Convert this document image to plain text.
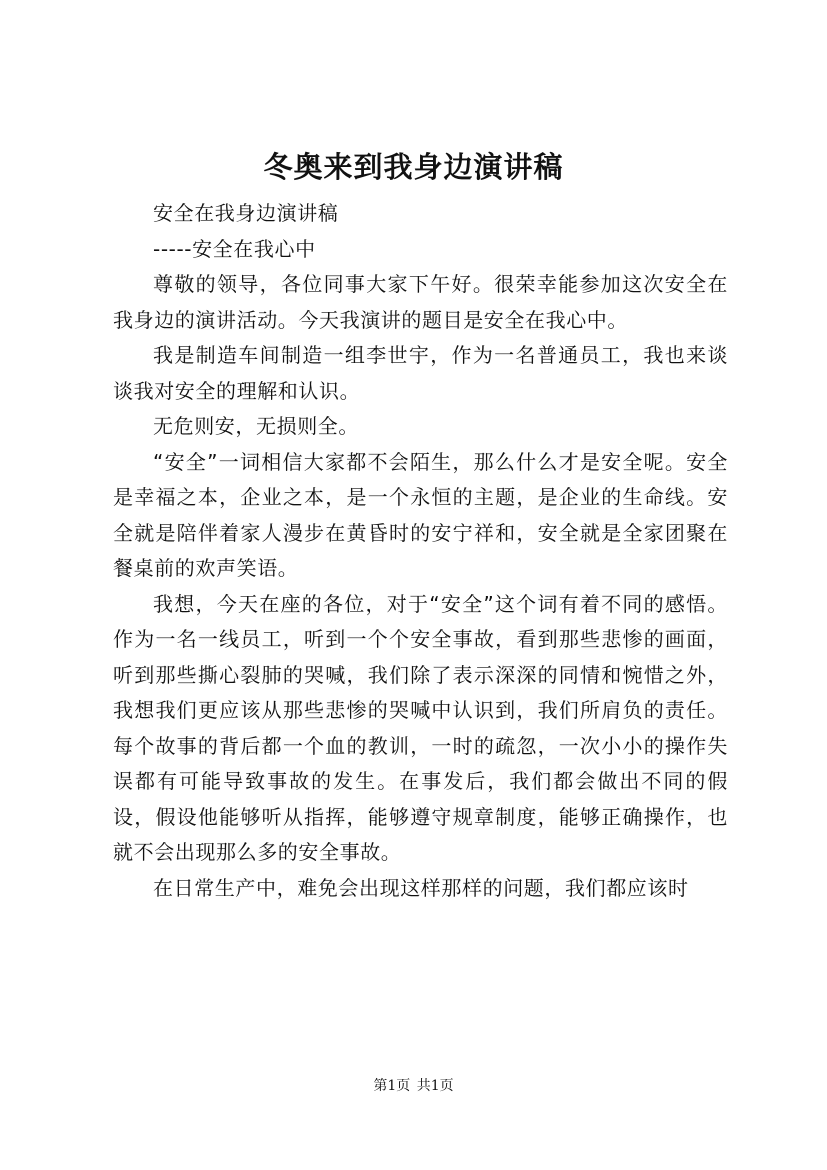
冬奥来到我身边演讲稿

安全在我身边演讲稿

-----安全在我心中

尊敬的领导，各位同事大家下午好。很荣幸能参加这次安全在我身边的演讲活动。今天我演讲的题目是安全在我心中。

我是制造车间制造一组李世宇，作为一名普通员工，我也来谈谈我对安全的理解和认识。

无危则安，无损则全。

“安全”一词相信大家都不会陌生，那么什么才是安全呢。安全是幸福之本，企业之本，是一个永恒的主题，是企业的生命线。安全就是陪伴着家人漫步在黄昏时的安宁祥和，安全就是全家团聚在餐桌前的欢声笑语。

我想，今天在座的各位，对于“安全”这个词有着不同的感悟。作为一名一线员工，听到一个个安全事故，看到那些悲惨的画面，听到那些撕心裂肺的哭喊，我们除了表示深深的同情和惋惜之外，我想我们更应该从那些悲惨的哭喊中认识到，我们所肩负的责任。每个故事的背后都一个血的教训，一时的疏忽，一次小小的操作失误都有可能导致事故的发生。在事发后，我们都会做出不同的假设，假设他能够听从指挥，能够遵守规章制度，能够正确操作，也就不会出现那么多的安全事故。

在日常生产中，难免会出现这样那样的问题，我们都应该时

第1页 共1页
